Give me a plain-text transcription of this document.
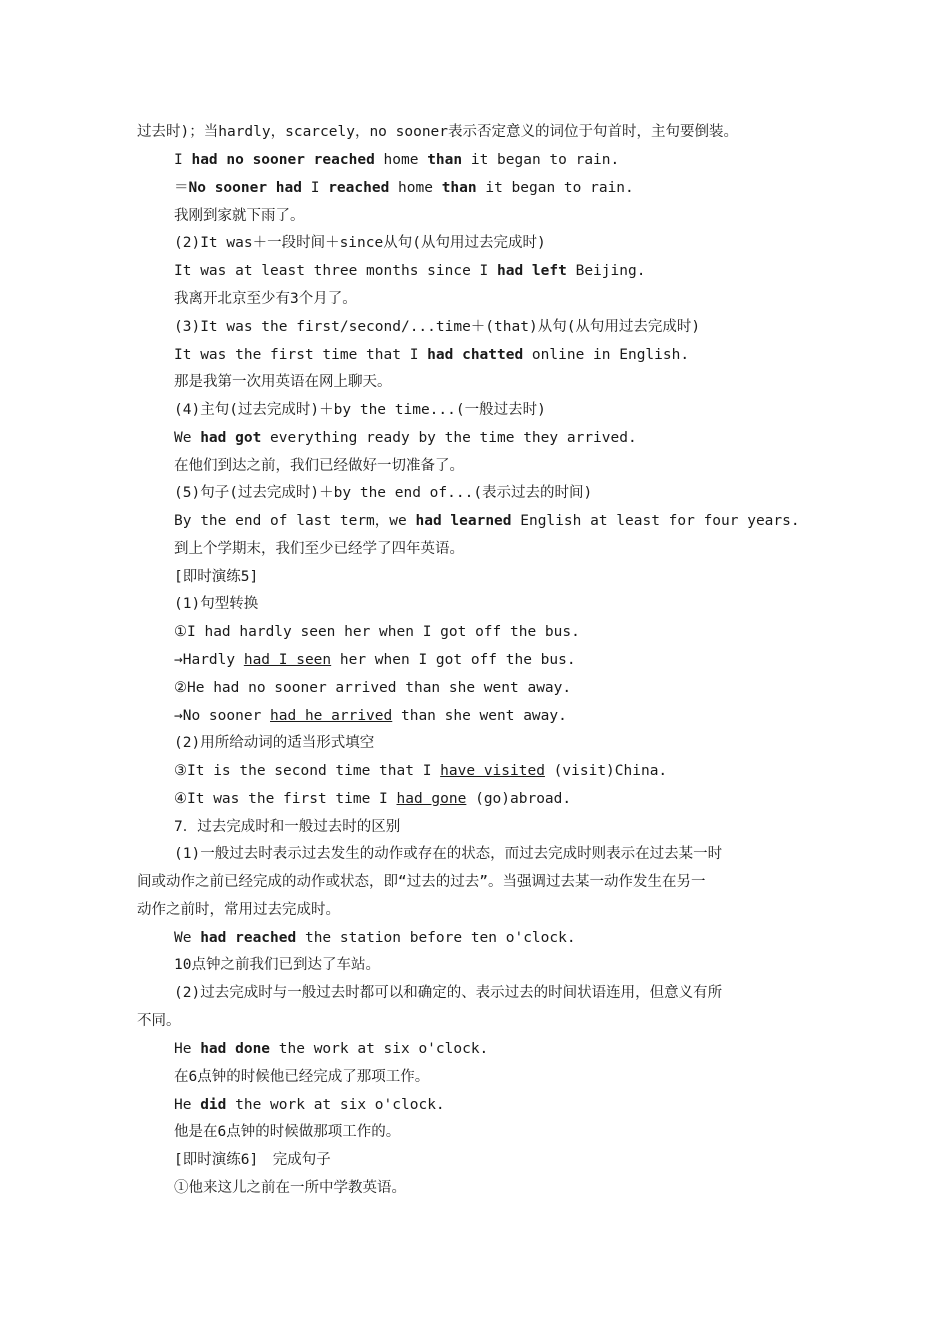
过去时)；当hardly，scarcely，no sooner表示否定意义的词位于句首时，主句要倒装。
I had no sooner reached home than it began to rain.
＝No sooner had I reached home than it began to rain.
我刚到家就下雨了。
(2)It was＋一段时间＋since从句(从句用过去完成时)
It was at least three months since I had left Beijing.
我离开北京至少有3个月了。
(3)It was the first/second/...time＋(that)从句(从句用过去完成时)
It was the first time that I had chatted online in English.
那是我第一次用英语在网上聊天。
(4)主句(过去完成时)＋by the time...(一般过去时)
We had got everything ready by the time they arrived.
在他们到达之前，我们已经做好一切准备了。
(5)句子(过去完成时)＋by the end of...(表示过去的时间)
By the end of last term，we had learned English at least for four years.
到上个学期末，我们至少已经学了四年英语。
[即时演练5]
(1)句型转换
①I had hardly seen her when I got off the bus.
→Hardly had I seen her when I got off the bus.
②He had no sooner arrived than she went away.
→No sooner had he arrived than she went away.
(2)用所给动词的适当形式填空
③It is the second time that I have visited (visit)China.
④It was the first time I had gone (go)abroad.
7．过去完成时和一般过去时的区别
(1)一般过去时表示过去发生的动作或存在的状态，而过去完成时则表示在过去某一时
间或动作之前已经完成的动作或状态，即“过去的过去”。当强调过去某一动作发生在另一
动作之前时，常用过去完成时。
We had reached the station before ten o'clock.
10点钟之前我们已到达了车站。
(2)过去完成时与一般过去时都可以和确定的、表示过去的时间状语连用，但意义有所
不同。
He had done the work at six o'clock.
在6点钟的时候他已经完成了那项工作。
He did the work at six o'clock.
他是在6点钟的时候做那项工作的。
[即时演练6]　完成句子
①他来这儿之前在一所中学教英语。
